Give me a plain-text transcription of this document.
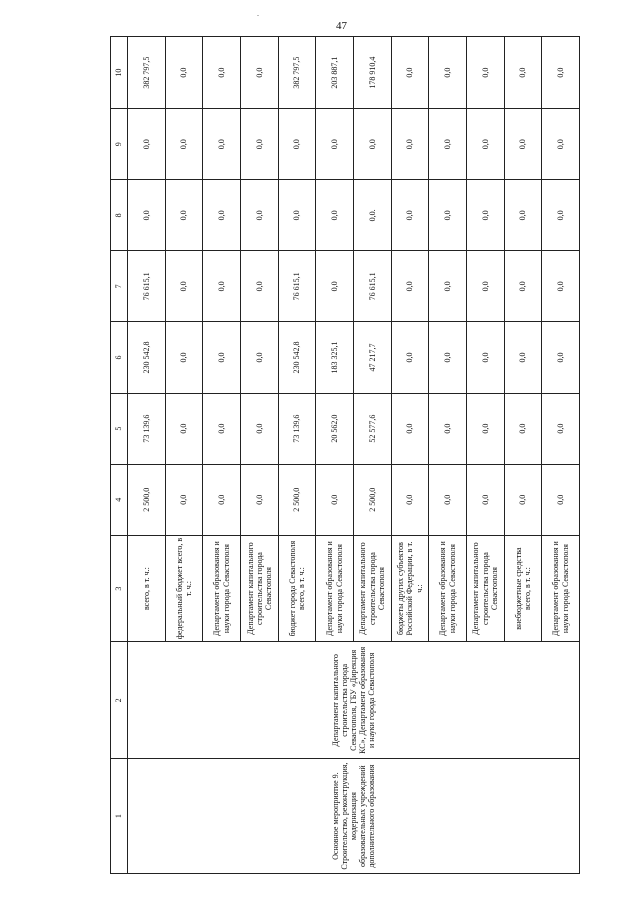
.
47
1	2	3	4	5	6	7	8	9	10
Основное мероприятие 9. Строительство, реконструкция, модернизация образовательных учреждений дополнительного образования	Департамент капитального строительства города Севастополя, ГБУ «Дирекция КС», Департамент образования и науки города Севастополя	всего, в т. ч.:	2 500,0	73 139,6	230 542,8	76 615,1	0,0	0,0	382 797,5
		федеральный бюджет всего, в т. ч.:	0,0	0,0	0,0	0,0	0,0	0,0	0,0
		Департамент образования и науки города Севастополя	0,0	0,0	0,0	0,0	0,0	0,0	0,0
		Департамент капитального строительства города Севастополя	0,0	0,0	0,0	0,0	0,0	0,0	0,0
		бюджет города Севастополя всего, в т. ч.:	2 500,0	73 139,6	230 542,8	76 615,1	0,0	0,0	382 797,5
		Департамент образования и науки города Севастополя	0,0	20 562,0	183 325,1	0,0	0,0	0,0	203 887,1
		Департамент капитального строительства города Севастополя	2 500,0	52 577,6	47 217,7	76 615,1	0,0.	0,0	178 910,4
		бюджеты других субъектов Российской Федерации, в т. ч.:	0,0	0,0	0,0	0,0	0,0	0,0	0,0
		Департамент образования и науки города Севастополя	0,0	0,0	0,0	0,0	0,0	0,0	0,0
		Департамент капитального строительства города Севастополя	0,0	0,0	0,0	0,0	0,0	0,0	0,0
		внебюджетные средства всего, в т. ч.:	0,0	0,0	0,0	0,0	0,0	0,0	0,0
		Департамент образования и науки города Севастополя	0,0	0,0	0,0	0,0	0,0	0,0	0,0
